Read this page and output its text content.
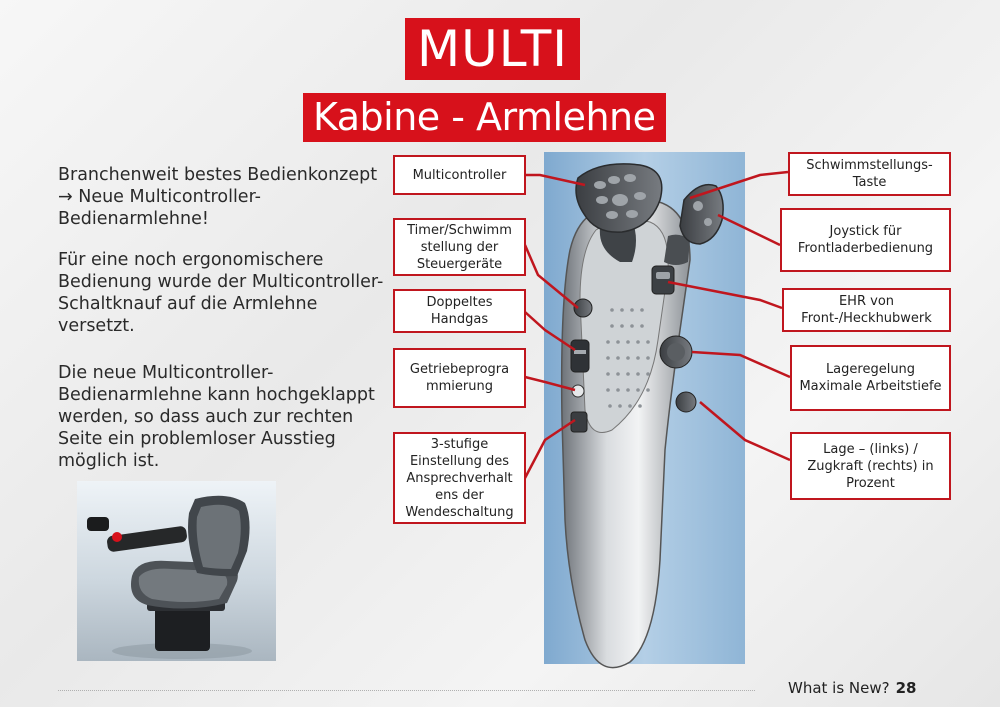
MULTI
Kabine - Armlehne
Branchenweit bestes Bedienkonzept → Neue Multicontroller-Bedienarmlehne!
Für eine noch ergonomischere Bedienung wurde der Multicontroller-Schaltknauf auf die Armlehne versetzt.
Die neue Multicontroller-Bedienarmlehne kann hochgeklappt werden, so dass auch zur rechten Seite ein problemloser Ausstieg möglich ist.
Multicontroller
Timer/Schwimm stellung der Steuergeräte
Doppeltes Handgas
Getriebeprogra mmierung
3-stufige Einstellung des Ansprechverhalt ens der Wendeschaltung
Schwimmstellungs-Taste
Joystick für Frontladerbedienung
EHR von Front-/Heckhubwerk
Lageregelung Maximale Arbeitstiefe
Lage – (links) / Zugkraft (rechts) in Prozent
What is New? 28
